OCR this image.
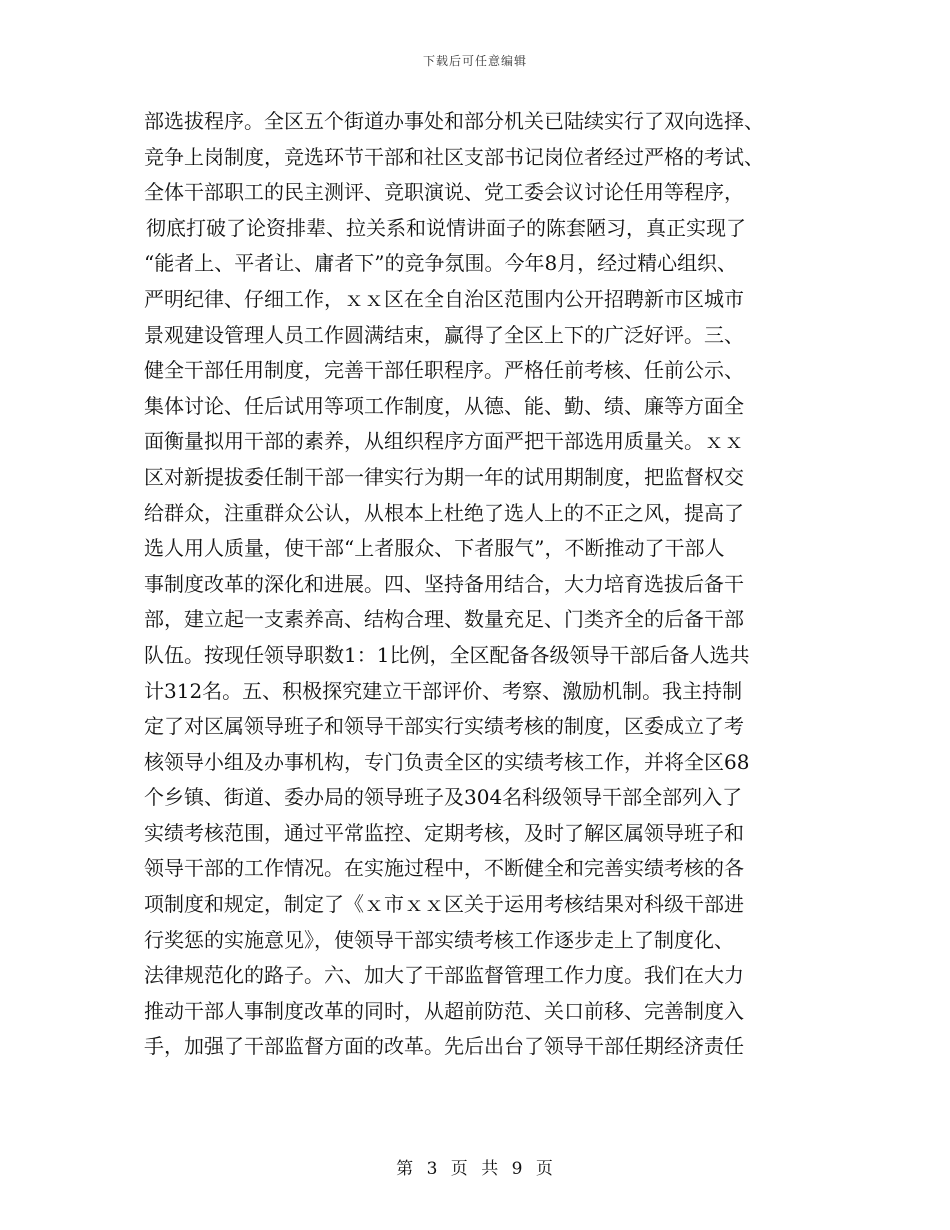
下载后可任意编辑
部选拔程序。全区五个街道办事处和部分机关已陆续实行了双向选择、
竞争上岗制度，竞选环节干部和社区支部书记岗位者经过严格的考试、
全体干部职工的民主测评、竞职演说、党工委会议讨论任用等程序，
彻底打破了论资排辈、拉关系和说情讲面子的陈套陋习，真正实现了
“能者上、平者让、庸者下”的竞争氛围。今年8月，经过精心组织、
严明纪律、仔细工作，ｘｘ区在全自治区范围内公开招聘新市区城市
景观建设管理人员工作圆满结束，赢得了全区上下的广泛好评。三、
健全干部任用制度，完善干部任职程序。严格任前考核、任前公示、
集体讨论、任后试用等项工作制度，从德、能、勤、绩、廉等方面全
面衡量拟用干部的素养，从组织程序方面严把干部选用质量关。ｘｘ
区对新提拔委任制干部一律实行为期一年的试用期制度，把监督权交
给群众，注重群众公认，从根本上杜绝了选人上的不正之风，提高了
选人用人质量，使干部“上者服众、下者服气”，不断推动了干部人
事制度改革的深化和进展。四、坚持备用结合，大力培育选拔后备干
部，建立起一支素养高、结构合理、数量充足、门类齐全的后备干部
队伍。按现任领导职数1：1比例，全区配备各级领导干部后备人选共
计312名。五、积极探究建立干部评价、考察、激励机制。我主持制
定了对区属领导班子和领导干部实行实绩考核的制度，区委成立了考
核领导小组及办事机构，专门负责全区的实绩考核工作，并将全区68
个乡镇、街道、委办局的领导班子及304名科级领导干部全部列入了
实绩考核范围，通过平常监控、定期考核，及时了解区属领导班子和
领导干部的工作情况。在实施过程中，不断健全和完善实绩考核的各
项制度和规定，制定了《ｘ市ｘｘ区关于运用考核结果对科级干部进
行奖惩的实施意见》，使领导干部实绩考核工作逐步走上了制度化、
法律规范化的路子。六、加大了干部监督管理工作力度。我们在大力
推动干部人事制度改革的同时，从超前防范、关口前移、完善制度入
手，加强了干部监督方面的改革。先后出台了领导干部任期经济责任
第 3 页 共 9 页
